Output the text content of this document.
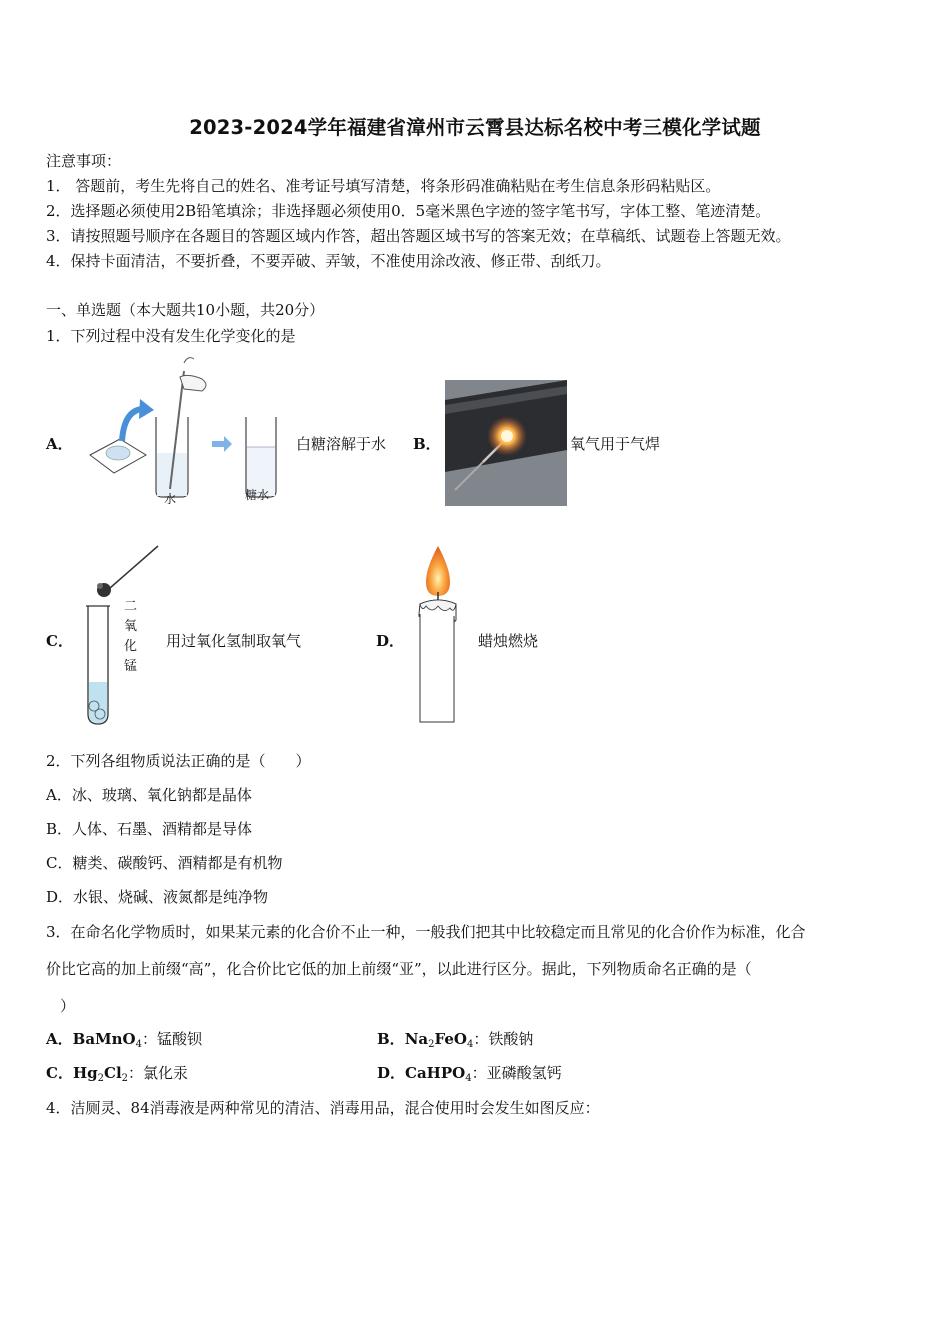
2023-2024学年福建省漳州市云霄县达标名校中考三模化学试题
注意事项：
1． 答题前，考生先将自己的姓名、准考证号填写清楚，将条形码准确粘贴在考生信息条形码粘贴区。
2．选择题必须使用2B铅笔填涂；非选择题必须使用0．5毫米黑色字迹的签字笔书写，字体工整、笔迹清楚。
3．请按照题号顺序在各题目的答题区域内作答，超出答题区域书写的答案无效；在草稿纸、试题卷上答题无效。
4．保持卡面清洁，不要折叠，不要弄破、弄皱，不准使用涂改液、修正带、刮纸刀。
一、单选题（本大题共10小题，共20分）
1．下列过程中没有发生化学变化的是
A．
水	糖水
白糖溶解于水 B．	氧气用于气焊
C．
二
氧
化
锰
用过氧化氢制取氧气	D．	蜡烛燃烧
2．下列各组物质说法正确的是（　　）
A．冰、玻璃、氧化钠都是晶体
B．人体、石墨、酒精都是导体
C．糖类、碳酸钙、酒精都是有机物
D．水银、烧碱、液氮都是纯净物
3．在命名化学物质时，如果某元素的化合价不止一种，一般我们把其中比较稳定而且常见的化合价作为标准，化合
价比它高的加上前缀“高”，化合价比它低的加上前缀“亚”，以此进行区分。据此，下列物质命名正确的是（
）
A．BaMnO$_4$：锰酸钡	B．$Na_2FeO_4$：铁酸钠
C．$Hg_2Cl_2$：氯化汞	D．CaHPO$_4$：亚磷酸氢钙
4．洁厕灵、84消毒液是两种常见的清洁、消毒用品，混合使用时会发生如图反应：
